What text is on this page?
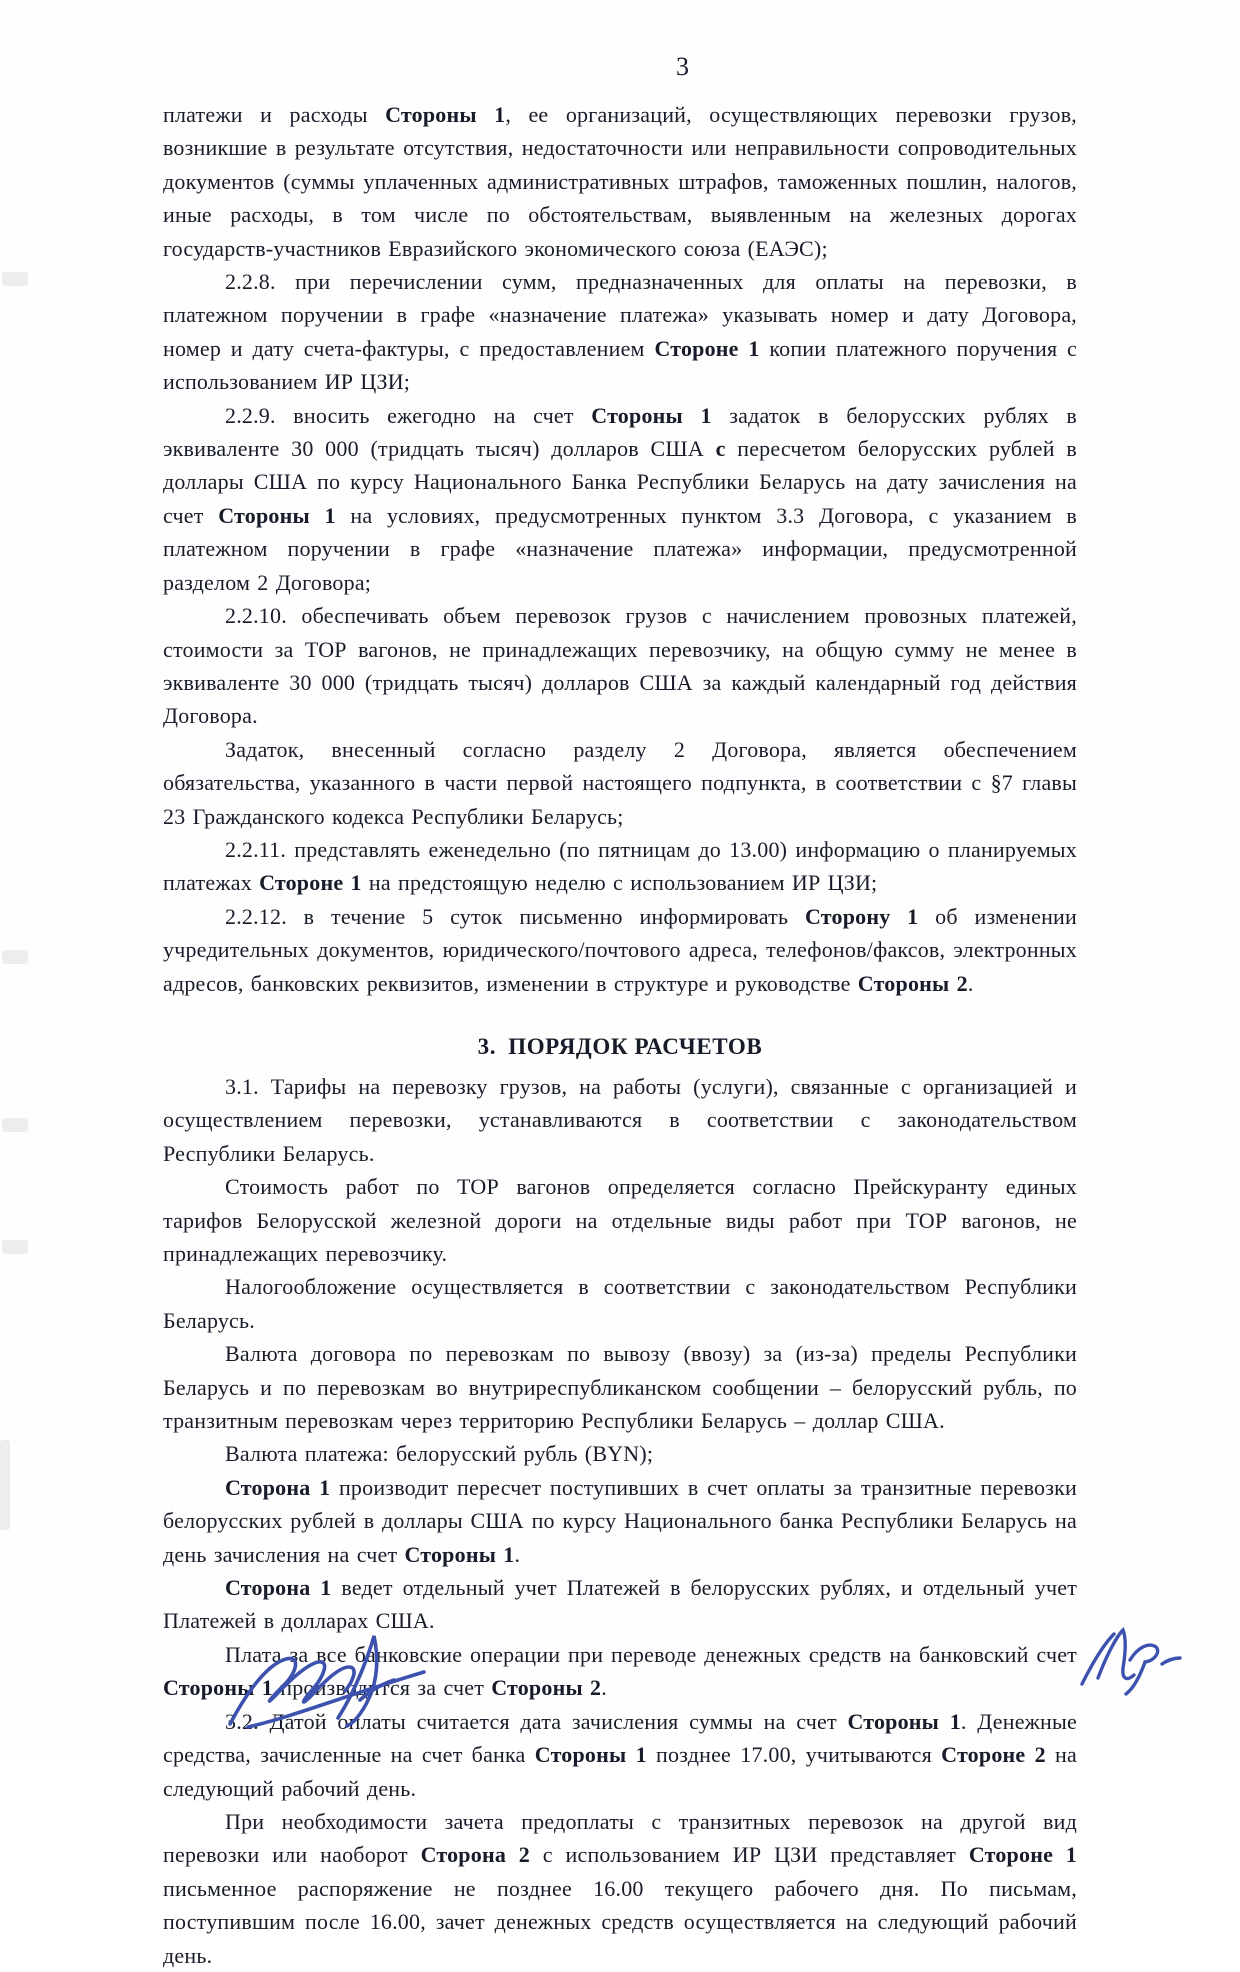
3

платежи и расходы Стороны 1, ее организаций, осуществляющих перевозки грузов, возникшие в результате отсутствия, недостаточности или неправильности сопроводительных документов (суммы уплаченных административных штрафов, таможенных пошлин, налогов, иные расходы, в том числе по обстоятельствам, выявленным на железных дорогах государств-участников Евразийского экономического союза (ЕАЭС);

2.2.8. при перечислении сумм, предназначенных для оплаты на перевозки, в платежном поручении в графе «назначение платежа» указывать номер и дату Договора, номер и дату счета-фактуры, с предоставлением Стороне 1 копии платежного поручения с использованием ИР ЦЗИ;

2.2.9. вносить ежегодно на счет Стороны 1 задаток в белорусских рублях в эквиваленте 30 000 (тридцать тысяч) долларов США с пересчетом белорусских рублей в доллары США по курсу Национального Банка Республики Беларусь на дату зачисления на счет Стороны 1 на условиях, предусмотренных пунктом 3.3 Договора, с указанием в платежном поручении в графе «назначение платежа» информации, предусмотренной разделом 2 Договора;

2.2.10. обеспечивать объем перевозок грузов с начислением провозных платежей, стоимости за ТОР вагонов, не принадлежащих перевозчику, на общую сумму не менее в эквиваленте 30 000 (тридцать тысяч) долларов США за каждый календарный год действия Договора.

Задаток, внесенный согласно разделу 2 Договора, является обеспечением обязательства, указанного в части первой настоящего подпункта, в соответствии с §7 главы 23 Гражданского кодекса Республики Беларусь;

2.2.11. представлять еженедельно (по пятницам до 13.00) информацию о планируемых платежах Стороне 1 на предстоящую неделю с использованием ИР ЦЗИ;

2.2.12. в течение 5 суток письменно информировать Сторону 1 об изменении учредительных документов, юридического/почтового адреса, телефонов/факсов, электронных адресов, банковских реквизитов, изменении в структуре и руководстве Стороны 2.

3. ПОРЯДОК РАСЧЕТОВ

3.1. Тарифы на перевозку грузов, на работы (услуги), связанные с организацией и осуществлением перевозки, устанавливаются в соответствии с законодательством Республики Беларусь.

Стоимость работ по ТОР вагонов определяется согласно Прейскуранту единых тарифов Белорусской железной дороги на отдельные виды работ при ТОР вагонов, не принадлежащих перевозчику.

Налогообложение осуществляется в соответствии с законодательством Республики Беларусь.

Валюта договора по перевозкам по вывозу (ввозу) за (из-за) пределы Республики Беларусь и по перевозкам во внутриреспубликанском сообщении – белорусский рубль, по транзитным перевозкам через территорию Республики Беларусь – доллар США.

Валюта платежа: белорусский рубль (BYN);

Сторона 1 производит пересчет поступивших в счет оплаты за транзитные перевозки белорусских рублей в доллары США по курсу Национального банка Республики Беларусь на день зачисления на счет Стороны 1.

Сторона 1 ведет отдельный учет Платежей в белорусских рублях, и отдельный учет Платежей в долларах США.

Плата за все банковские операции при переводе денежных средств на банковский счет Стороны 1 производится за счет Стороны 2.

3.2. Датой оплаты считается дата зачисления суммы на счет Стороны 1. Денежные средства, зачисленные на счет банка Стороны 1 позднее 17.00, учитываются Стороне 2 на следующий рабочий день.

При необходимости зачета предоплаты с транзитных перевозок на другой вид перевозки или наоборот Сторона 2 с использованием ИР ЦЗИ представляет Стороне 1 письменное распоряжение не позднее 16.00 текущего рабочего дня. По письмам, поступившим после 16.00, зачет денежных средств осуществляется на следующий рабочий день.
